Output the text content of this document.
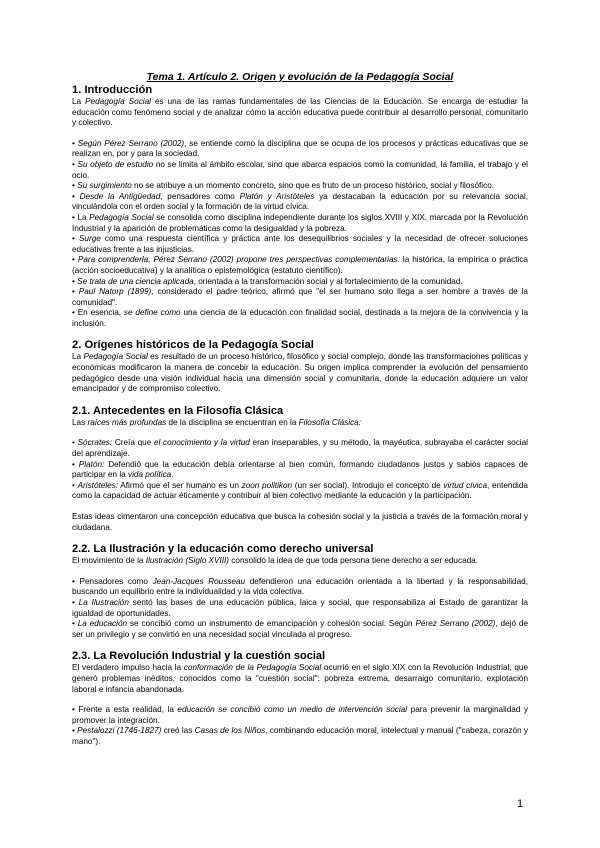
Tema 1. Artículo 2. Origen y evolución de la Pedagogía Social

1. Introducción

La Pedagogía Social es una de las ramas fundamentales de las Ciencias de la Educación. Se encarga de estudiar la educación como fenómeno social y de analizar cómo la acción educativa puede contribuir al desarrollo personal, comunitario y colectivo.

• Según Pérez Serrano (2002), se entiende como la disciplina que se ocupa de los procesos y prácticas educativas que se realizan en, por y para la sociedad.

• Su objeto de estudio no se limita al ámbito escolar, sino que abarca espacios como la comunidad, la familia, el trabajo y el ocio.

• Su surgimiento no se atribuye a un momento concreto, sino que es fruto de un proceso histórico, social y filosófico.

• Desde la Antigüedad, pensadores como Platón y Aristóteles ya destacaban la educación por su relevancia social, vinculándola con el orden social y la formación de la virtud cívica.

• La Pedagogía Social se consolida como disciplina independiente durante los siglos XVIII y XIX, marcada por la Revolución Industrial y la aparición de problemáticas como la desigualdad y la pobreza.

• Surge como una respuesta científica y práctica ante los desequilibrios sociales y la necesidad de ofrecer soluciones educativas frente a las injusticias.

• Para comprenderla, Pérez Serrano (2002) propone tres perspectivas complementarias: la histórica, la empírica o práctica (acción socioeducativa) y la analítica o epistemológica (estatuto científico).

• Se trata de una ciencia aplicada, orientada a la transformación social y al fortalecimiento de la comunidad.

• Paul Natorp (1899), considerado el padre teórico, afirmó que "el ser humano solo llega a ser hombre a través de la comunidad".

• En esencia, se define como una ciencia de la educación con finalidad social, destinada a la mejora de la convivencia y la inclusión.

2. Orígenes históricos de la Pedagogía Social

La Pedagogía Social es resultado de un proceso histórico, filosófico y social complejo, donde las transformaciones políticas y económicas modificaron la manera de concebir la educación. Su origen implica comprender la evolución del pensamiento pedagógico desde una visión individual hacia una dimensión social y comunitaria, donde la educación adquiere un valor emancipador y de compromiso colectivo.

2.1. Antecedentes en la Filosofía Clásica

Las raíces más profundas de la disciplina se encuentran en la Filosofía Clásica:

• Sócrates: Creía que el conocimiento y la virtud eran inseparables, y su método, la mayéutica, subrayaba el carácter social del aprendizaje.

• Platón: Defendió que la educación debía orientarse al bien común, formando ciudadanos justos y sabios capaces de participar en la vida política.

• Aristóteles: Afirmó que el ser humano es un zoon politikon (un ser social). Introdujo el concepto de virtud cívica, entendida como la capacidad de actuar éticamente y contribuir al bien colectivo mediante la educación y la participación.

Estas ideas cimentaron una concepción educativa que busca la cohesión social y la justicia a través de la formación moral y ciudadana.

2.2. La Ilustración y la educación como derecho universal

El movimiento de la Ilustración (Siglo XVIII) consolidó la idea de que toda persona tiene derecho a ser educada.

• Pensadores como Jean-Jacques Rousseau defendieron una educación orientada a la libertad y la responsabilidad, buscando un equilibrio entre la individualidad y la vida colectiva.

• La Ilustración sentó las bases de una educación pública, laica y social, que responsabiliza al Estado de garantizar la igualdad de oportunidades.

• La educación se concibió como un instrumento de emancipación y cohesión social. Según Pérez Serrano (2002), dejó de ser un privilegio y se convirtió en una necesidad social vinculada al progreso.

2.3. La Revolución Industrial y la cuestión social

El verdadero impulso hacia la conformación de la Pedagogía Social ocurrió en el siglo XIX con la Revolución Industrial, que generó problemas inéditos, conocidos como la "cuestión social": pobreza extrema, desarraigo comunitario, explotación laboral e infancia abandonada.

• Frente a esta realidad, la educación se concibió como un medio de intervención social para prevenir la marginalidad y promover la integración.

• Pestalozzi (1746-1827) creó las Casas de los Niños, combinando educación moral, intelectual y manual ("cabeza, corazón y mano").

1
